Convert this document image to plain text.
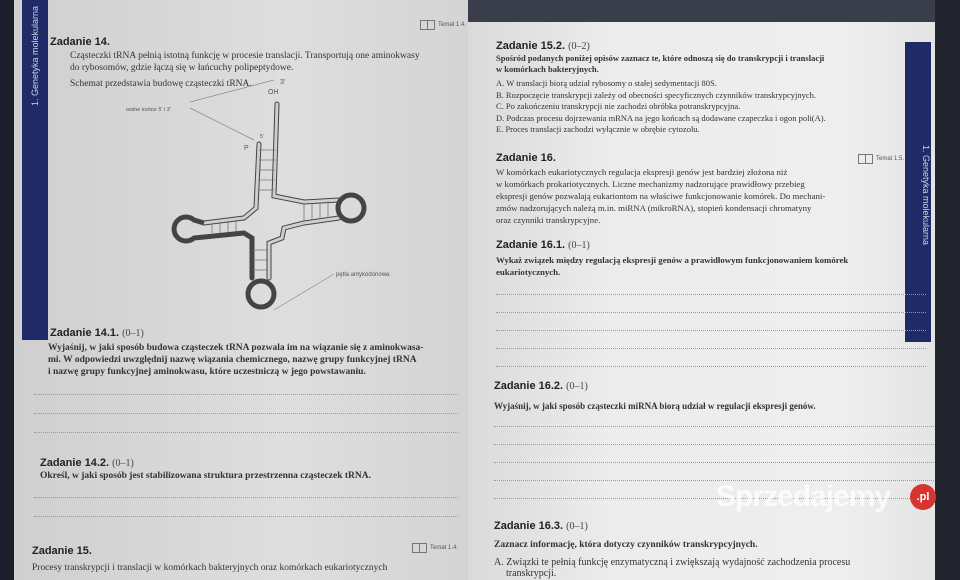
1. Genetyka molekularna	Temat 1.4.
Zadanie 14.
Cząsteczki tRNA pełnią istotną funkcję w procesie translacji. Transportują one aminokwasy
do rybosomów, gdzie łączą się w łańcuchy polipeptydowe.
Schemat przedstawia budowę cząsteczki tRNA.	3'
OH
wolne końce 5' i 3'
P
5'
pętla antykodonowa
Zadanie 14.1. (0–1)
Wyjaśnij, w jaki sposób budowa cząsteczek tRNA pozwala im na wiązanie się z aminokwasa-
mi. W odpowiedzi uwzględnij nazwę wiązania chemicznego, nazwę grupy funkcyjnej tRNA
i nazwę grupy funkcyjnej aminokwasu, które uczestniczą w jego powstawaniu.
Zadanie 14.2. (0–1)
Określ, w jaki sposób jest stabilizowana struktura przestrzenna cząsteczek tRNA.
Temat 1.4.
Zadanie 15.
Procesy transkrypcji i translacji w komórkach bakteryjnych oraz komórkach eukariotycznych
1. Genetyka molekularna
Zadanie 15.2. (0–2)
Spośród podanych poniżej opisów zaznacz te, które odnoszą się do transkrypcji i translacji
w komórkach bakteryjnych.
A. W translacji biorą udział rybosomy o stałej sedymentacji 80S.
B. Rozpoczęcie transkrypcji zależy od obecności specyficznych czynników transkrypcyjnych.
C. Po zakończeniu transkrypcji nie zachodzi obróbka potranskrypcyjna.
D. Podczas procesu dojrzewania mRNA na jego końcach są dodawane czapeczka i ogon poli(A).
E. Proces translacji zachodzi wyłącznie w obrębie cytozolu.
Zadanie 16.	Temat 1.5.
W komórkach eukariotycznych regulacja ekspresji genów jest bardziej złożona niż
w komórkach prokariotycznych. Liczne mechanizmy nadzorujące prawidłowy przebieg
ekspresji genów pozwalają eukariontom na właściwe funkcjonowanie komórek. Do mechani-
zmów nadzorujących należą m.in. miRNA (mikroRNA), stopień kondensacji chromatyny
oraz czynniki transkrypcyjne.
Zadanie 16.1. (0–1)
Wykaż związek między regulacją ekspresji genów a prawidłowym funkcjonowaniem komórek
eukariotycznych.
Zadanie 16.2. (0–1)
Wyjaśnij, w jaki sposób cząsteczki miRNA biorą udział w regulacji ekspresji genów.
Zadanie 16.3. (0–1)
Zaznacz informację, która dotyczy czynników transkrypcyjnych.
A. Związki te pełnią funkcję enzymatyczną i zwiększają wydajność zachodzenia procesu
transkrypcji.
Sprzedajemy	.pl
